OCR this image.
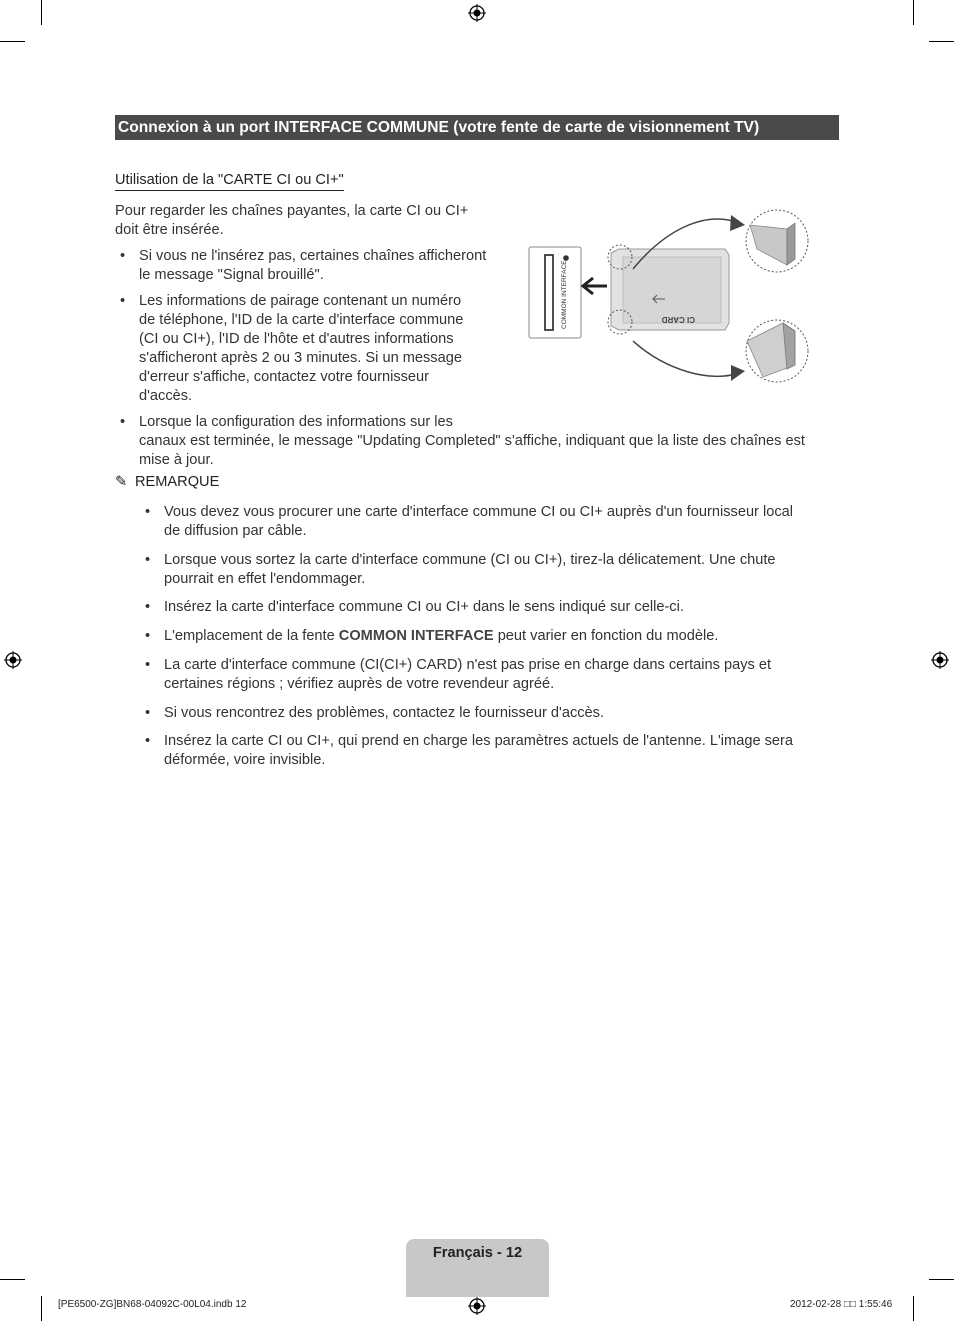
Connexion à un port INTERFACE COMMUNE (votre fente de carte de visionnement TV)
Utilisation de la "CARTE CI ou CI+"
Pour regarder les chaînes payantes, la carte CI ou CI+
doit être insérée.
• Si vous ne l'insérez pas, certaines chaînes afficheront
le message "Signal brouillé".
• Les informations de pairage contenant un numéro
de téléphone, l'ID de la carte d'interface commune
(CI ou CI+), l'ID de l'hôte et d'autres informations
s'afficheront après 2 ou 3 minutes. Si un message
d'erreur s'affiche, contactez votre fournisseur
d'accès.
• Lorsque la configuration des informations sur les
canaux est terminée, le message "Updating Completed" s'affiche, indiquant que la liste des chaînes est
mise à jour.
COMMON INTERFACE	CI CARD
✎ REMARQUE
• Vous devez vous procurer une carte d'interface commune CI ou CI+ auprès d'un fournisseur local
de diffusion par câble.
• Lorsque vous sortez la carte d'interface commune (CI ou CI+), tirez-la délicatement. Une chute
pourrait en effet l'endommager.
• Insérez la carte d'interface commune CI ou CI+ dans le sens indiqué sur celle-ci.
• L'emplacement de la fente COMMON INTERFACE peut varier en fonction du modèle.
• La carte d'interface commune (CI(CI+) CARD) n'est pas prise en charge dans certains pays et
certaines régions ; vérifiez auprès de votre revendeur agréé.
• Si vous rencontrez des problèmes, contactez le fournisseur d'accès.
• Insérez la carte CI ou CI+, qui prend en charge les paramètres actuels de l'antenne. L'image sera
déformée, voire invisible.
Français - 12
[PE6500-ZG]BN68-04092C-00L04.indb 12	2012-02-28 □□ 1:55:46
